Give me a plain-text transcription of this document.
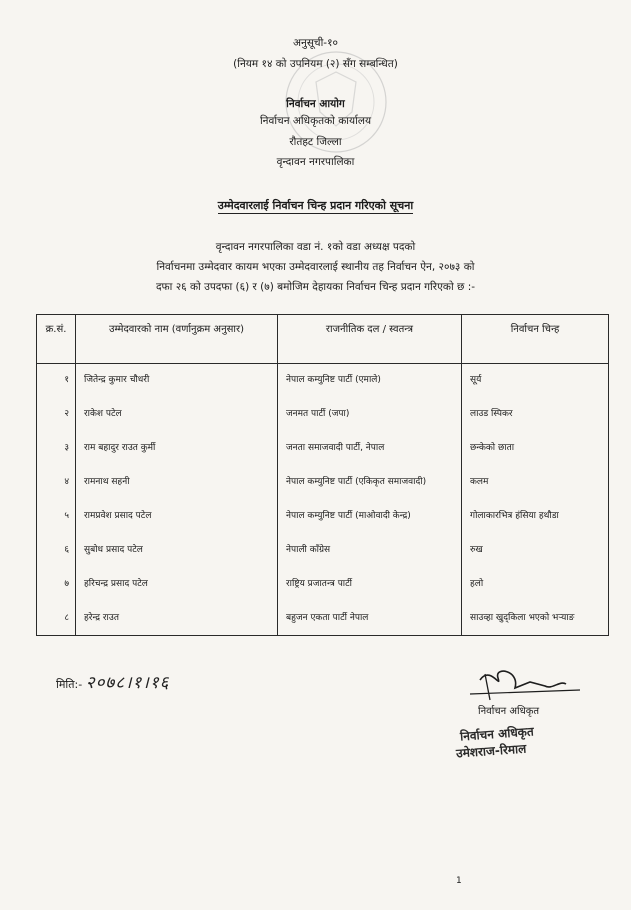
अनुसूची-१०
(नियम १४ को उपनियम (२) सँग सम्बन्धित)
निर्वाचन आयोग
निर्वाचन अधिकृतको कार्यालय
रौतहट जिल्ला
वृन्दावन नगरपालिका
उम्मेदवारलाई निर्वाचन चिन्ह प्रदान गरिएको सूचना
वृन्दावन नगरपालिका वडा नं. १को वडा अध्यक्ष पदको
निर्वाचनमा उम्मेदवार कायम भएका उम्मेदवारलाई स्थानीय तह निर्वाचन ऐन, २०७३ को
दफा २६ को उपदफा (६) र (७) बमोजिम देहायका निर्वाचन चिन्ह प्रदान गरिएको छ :-
क्र.सं.	उम्मेदवारको नाम (वर्णानुक्रम अनुसार)	राजनीतिक दल / स्वतन्त्र	निर्वाचन चिन्ह
१	जितेन्द्र कुमार चौधरी	नेपाल कम्युनिष्ट पार्टी (एमाले)	सूर्य
२	राकेश पटेल	जनमत पार्टी (जपा)	लाउड स्पिकर
३	राम बहादुर राउत कुर्मी	जनता समाजवादी पार्टी, नेपाल	छन्केको छाता
४	रामनाथ सहनी	नेपाल कम्युनिष्ट पार्टी (एकिकृत समाजवादी)	कलम
५	रामप्रवेश प्रसाद पटेल	नेपाल कम्युनिष्ट पार्टी (माओवादी केन्द्र)	गोलाकारभित्र हंसिया हथौडा
६	सुबोध प्रसाद पटेल	नेपाली काँग्रेस	रुख
७	हरिचन्द्र प्रसाद पटेल	राष्ट्रिय प्रजातन्त्र पार्टी	हलो
८	हरेन्द्र राउत	बहुजन एकता पार्टी नेपाल	साउव्हा खुद्किला भएको भर्‍याङ
मिति:- २०७८।१।१६
निर्वाचन अधिकृत
निर्वाचन अधिकृत
उमेशराज-रिमाल
1
